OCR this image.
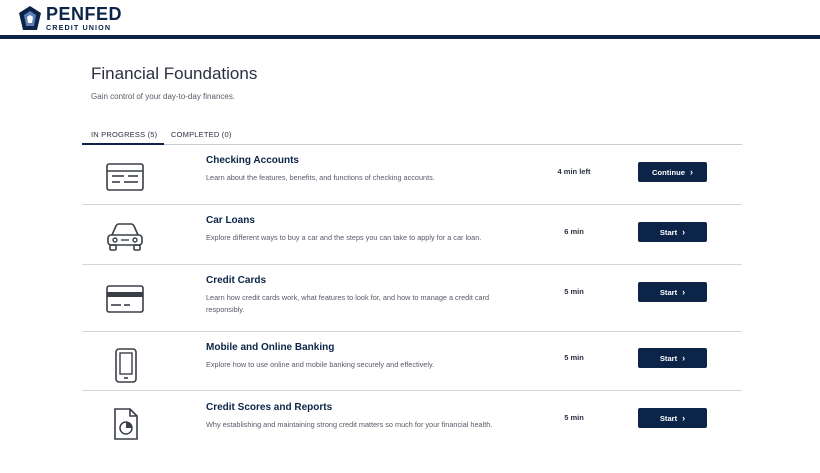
PENFED
CREDIT UNION
Financial Foundations

Gain control of your day-to-day finances.

IN PROGRESS (5) COMPLETED (0)
Checking Accounts
Learn about the features, benefits, and functions of checking accounts.
4 min left	Continue ›
Car Loans
Explore different ways to buy a car and the steps you can take to apply for a car loan.
6 min	Start ›
Credit Cards
Learn how credit cards work, what features to look for, and how to manage a credit card responsibly.
5 min	Start ›
Mobile and Online Banking
Explore how to use online and mobile banking securely and effectively.
5 min	Start ›
Credit Scores and Reports
Why establishing and maintaining strong credit matters so much for your financial health.
5 min	Start ›
